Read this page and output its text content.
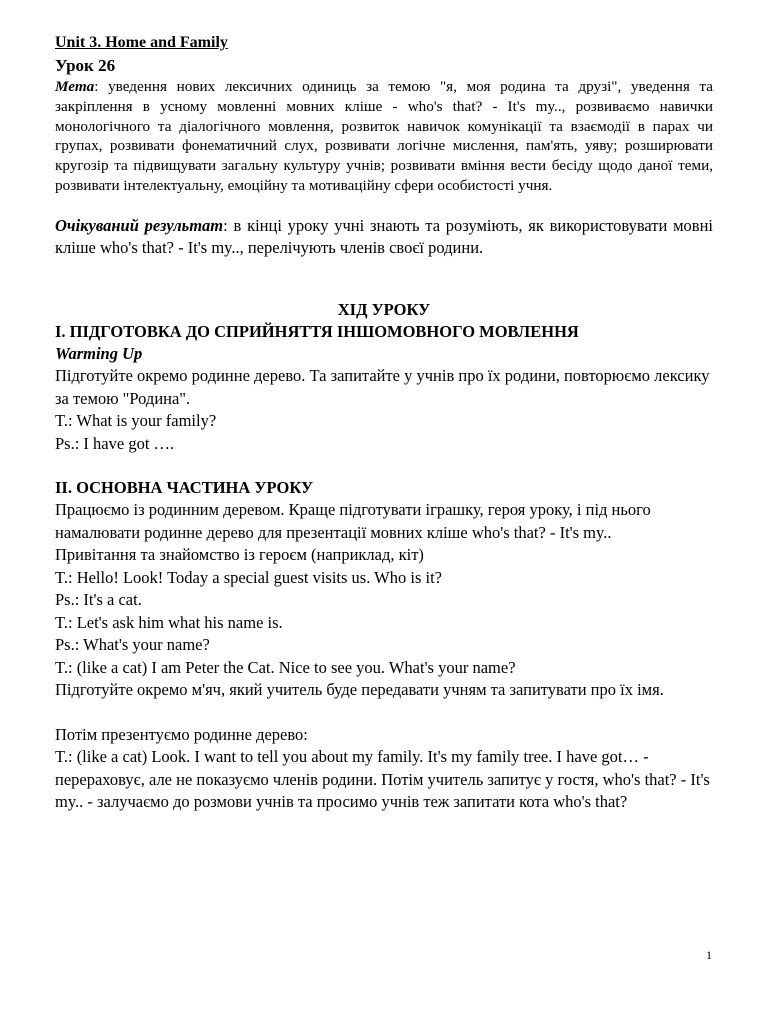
Unit 3. Home and Family

Урок 26

Мета: уведення нових лексичних одиниць за темою "я, моя родина та друзі", уведення та закріплення в усному мовленні мовних кліше - who's that? - It's my.., розвиваємо навички монологічного та діалогічного мовлення, розвиток навичок комунікації та взаємодії в парах чи групах, розвивати фонематичний слух, розвивати логічне мислення, пам'ять, уяву; розширювати кругозір та підвищувати загальну культуру учнів; розвивати вміння вести бесіду щодо даної теми, розвивати інтелектуальну, емоційну та мотиваційну сфери особистості учня.

Очікуваний результат: в кінці уроку учні знають та розуміють, як використовувати мовні кліше who's that? - It's my.., перелічують членів своєї родини.

ХІД УРОКУ

I. ПІДГОТОВКА ДО СПРИЙНЯТТЯ ІНШОМОВНОГО МОВЛЕННЯ

Warming Up

Підготуйте окремо родинне дерево. Та запитайте у учнів про їх родини, повторюємо лексику за темою "Родина".

T.: What is your family?

Ps.: I have got ….

II. ОСНОВНА ЧАСТИНА УРОКУ

Працюємо із родинним деревом. Краще підготувати іграшку, героя уроку, і під нього намалювати родинне дерево для презентації мовних кліше who's that? - It's my..

Привітання та знайомство із героєм (наприклад, кіт)

T.: Hello! Look! Today a special guest visits us. Who is it?

Ps.: It's a cat.

T.: Let's ask him what his name is.

Ps.: What's your name?

T.: (like a cat) I am Peter the Cat. Nice to see you. What's your name?

Підготуйте окремо м'яч, який учитель буде передавати учням та запитувати про їх імя.

Потім презентуємо родинне дерево:

T.: (like a cat) Look. I want to tell you about my family. It's my family tree. I have got… - перераховує, але не показуємо членів родини. Потім учитель запитує у гостя, who's that? - It's my.. - залучаємо до розмови учнів та просимо учнів теж запитати кота who's that?

1
